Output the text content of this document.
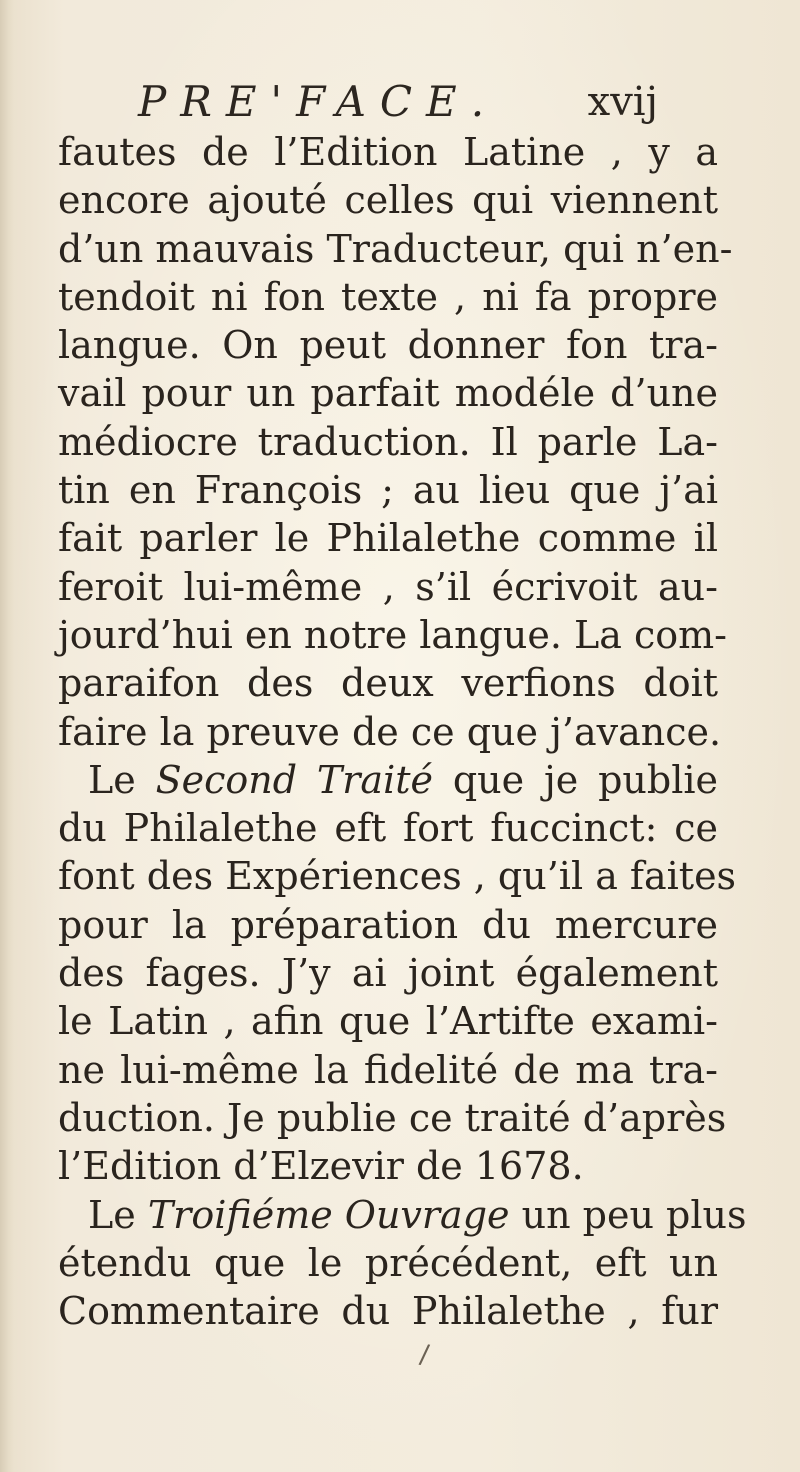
PRE'FACE. xvij
fautes de l’Edition Latine , y a
encore ajouté celles qui viennent
d’un mauvais Traducteur, qui n’en-
tendoit ni fon texte , ni fa propre
langue. On peut donner fon tra-
vail pour un parfait modéle d’une
médiocre traduction. Il parle La-
tin en François ; au lieu que j’ai
fait parler le Philalethe comme il
feroit lui-même , s’il écrivoit au-
jourd’hui en notre langue. La com-
paraifon des deux verfions doit
faire la preuve de ce que j’avance.
Le Second Traité que je publie
du Philalethe eft fort fuccinct: ce
font des Expériences , qu’il a faites
pour la préparation du mercure
des fages. J’y ai joint également
le Latin , afin que l’Artifte exami-
ne lui-même la fidelité de ma tra-
duction. Je publie ce traité d’après
l’Edition d’Elzevir de 1678.
Le Troifiéme Ouvrage un peu plus
étendu que le précédent, eft un
Commentaire du Philalethe , fur
/
